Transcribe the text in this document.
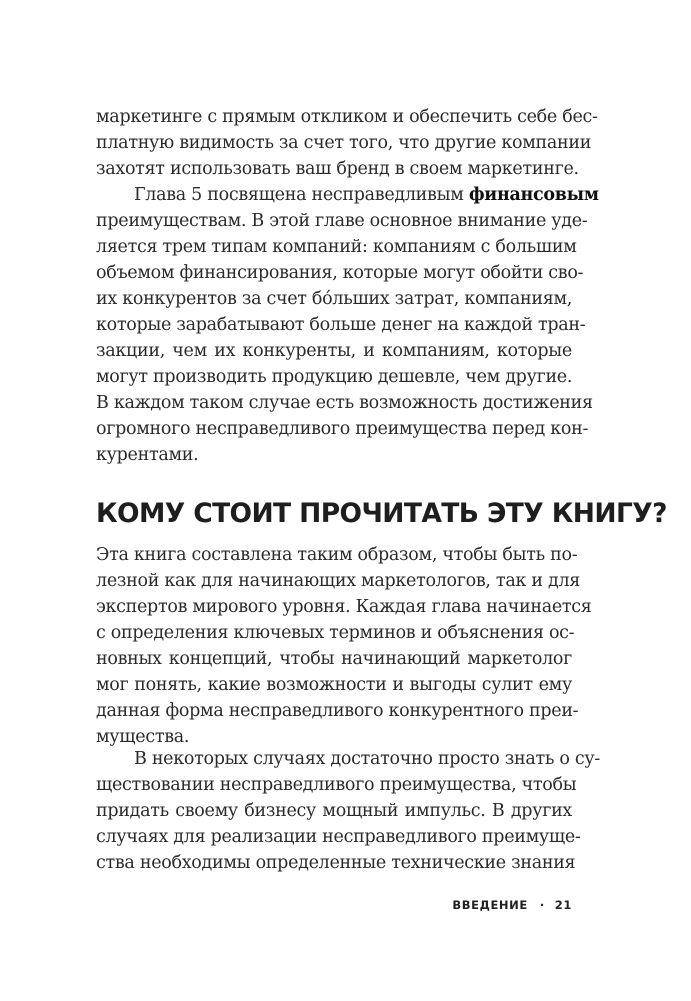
маркетинге с прямым откликом и обеспечить себе бес-
платную видимость за счет того, что другие компании
захотят использовать ваш бренд в своем маркетинге.
Глава 5 посвящена несправедливым финансовым
преимуществам. В этой главе основное внимание уде-
ляется трем типам компаний: компаниям с большим
объемом финансирования, которые могут обойти сво-
их конкурентов за счет бóльших затрат, компаниям,
которые зарабатывают больше денег на каждой тран-
закции, чем их конкуренты, и компаниям, которые
могут производить продукцию дешевле, чем другие.
В каждом таком случае есть возможность достижения
огромного несправедливого преимущества перед кон-
курентами.
КОМУ СТОИТ ПРОЧИТАТЬ ЭТУ КНИГУ?
Эта книга составлена таким образом, чтобы быть по-
лезной как для начинающих маркетологов, так и для
экспертов мирового уровня. Каждая глава начинается
с определения ключевых терминов и объяснения ос-
новных концепций, чтобы начинающий маркетолог
мог понять, какие возможности и выгоды сулит ему
данная форма несправедливого конкурентного преи-
мущества.
В некоторых случаях достаточно просто знать о су-
ществовании несправедливого преимущества, чтобы
придать своему бизнесу мощный импульс. В других
случаях для реализации несправедливого преимуще-
ства необходимы определенные технические знания
ВВЕДЕНИЕ · 21
